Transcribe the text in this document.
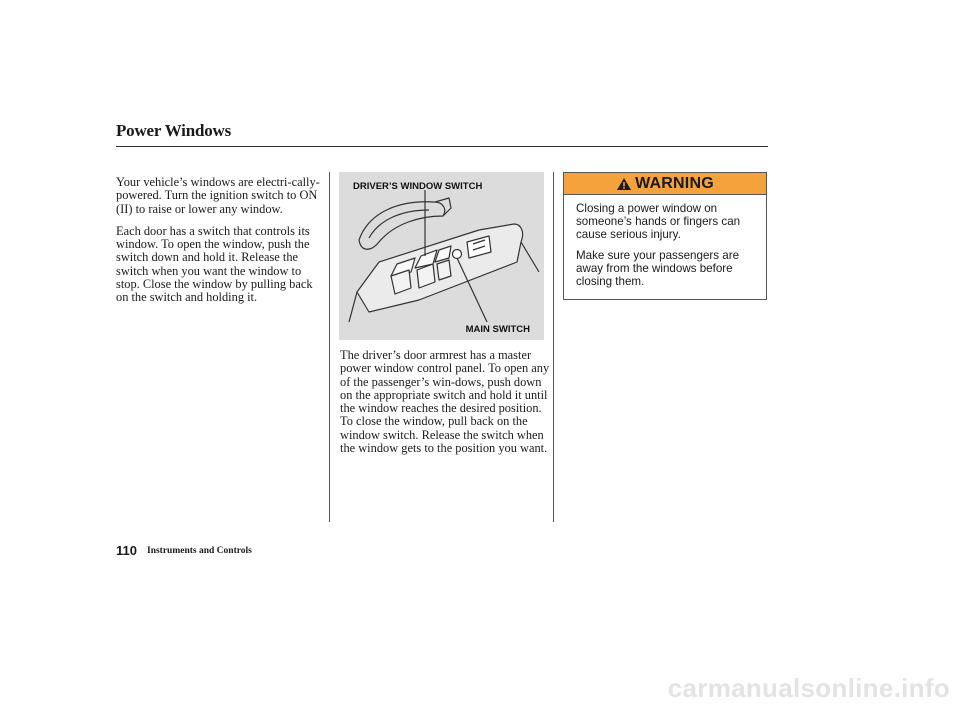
Power Windows

Your vehicle’s windows are electri-cally-powered. Turn the ignition switch to ON (II) to raise or lower any window.

Each door has a switch that controls its window. To open the window, push the switch down and hold it. Release the switch when you want the window to stop. Close the window by pulling back on the switch and holding it.

DRIVER’S WINDOW SWITCH
MAIN SWITCH

The driver’s door armrest has a master power window control panel. To open any of the passenger’s win-dows, push down on the appropriate switch and hold it until the window reaches the desired position. To close the window, pull back on the window switch. Release the switch when the window gets to the position you want.

WARNING

Closing a power window on someone’s hands or fingers can cause serious injury.

Make sure your passengers are away from the windows before closing them.

110 Instruments and Controls
carmanualsonline.info
